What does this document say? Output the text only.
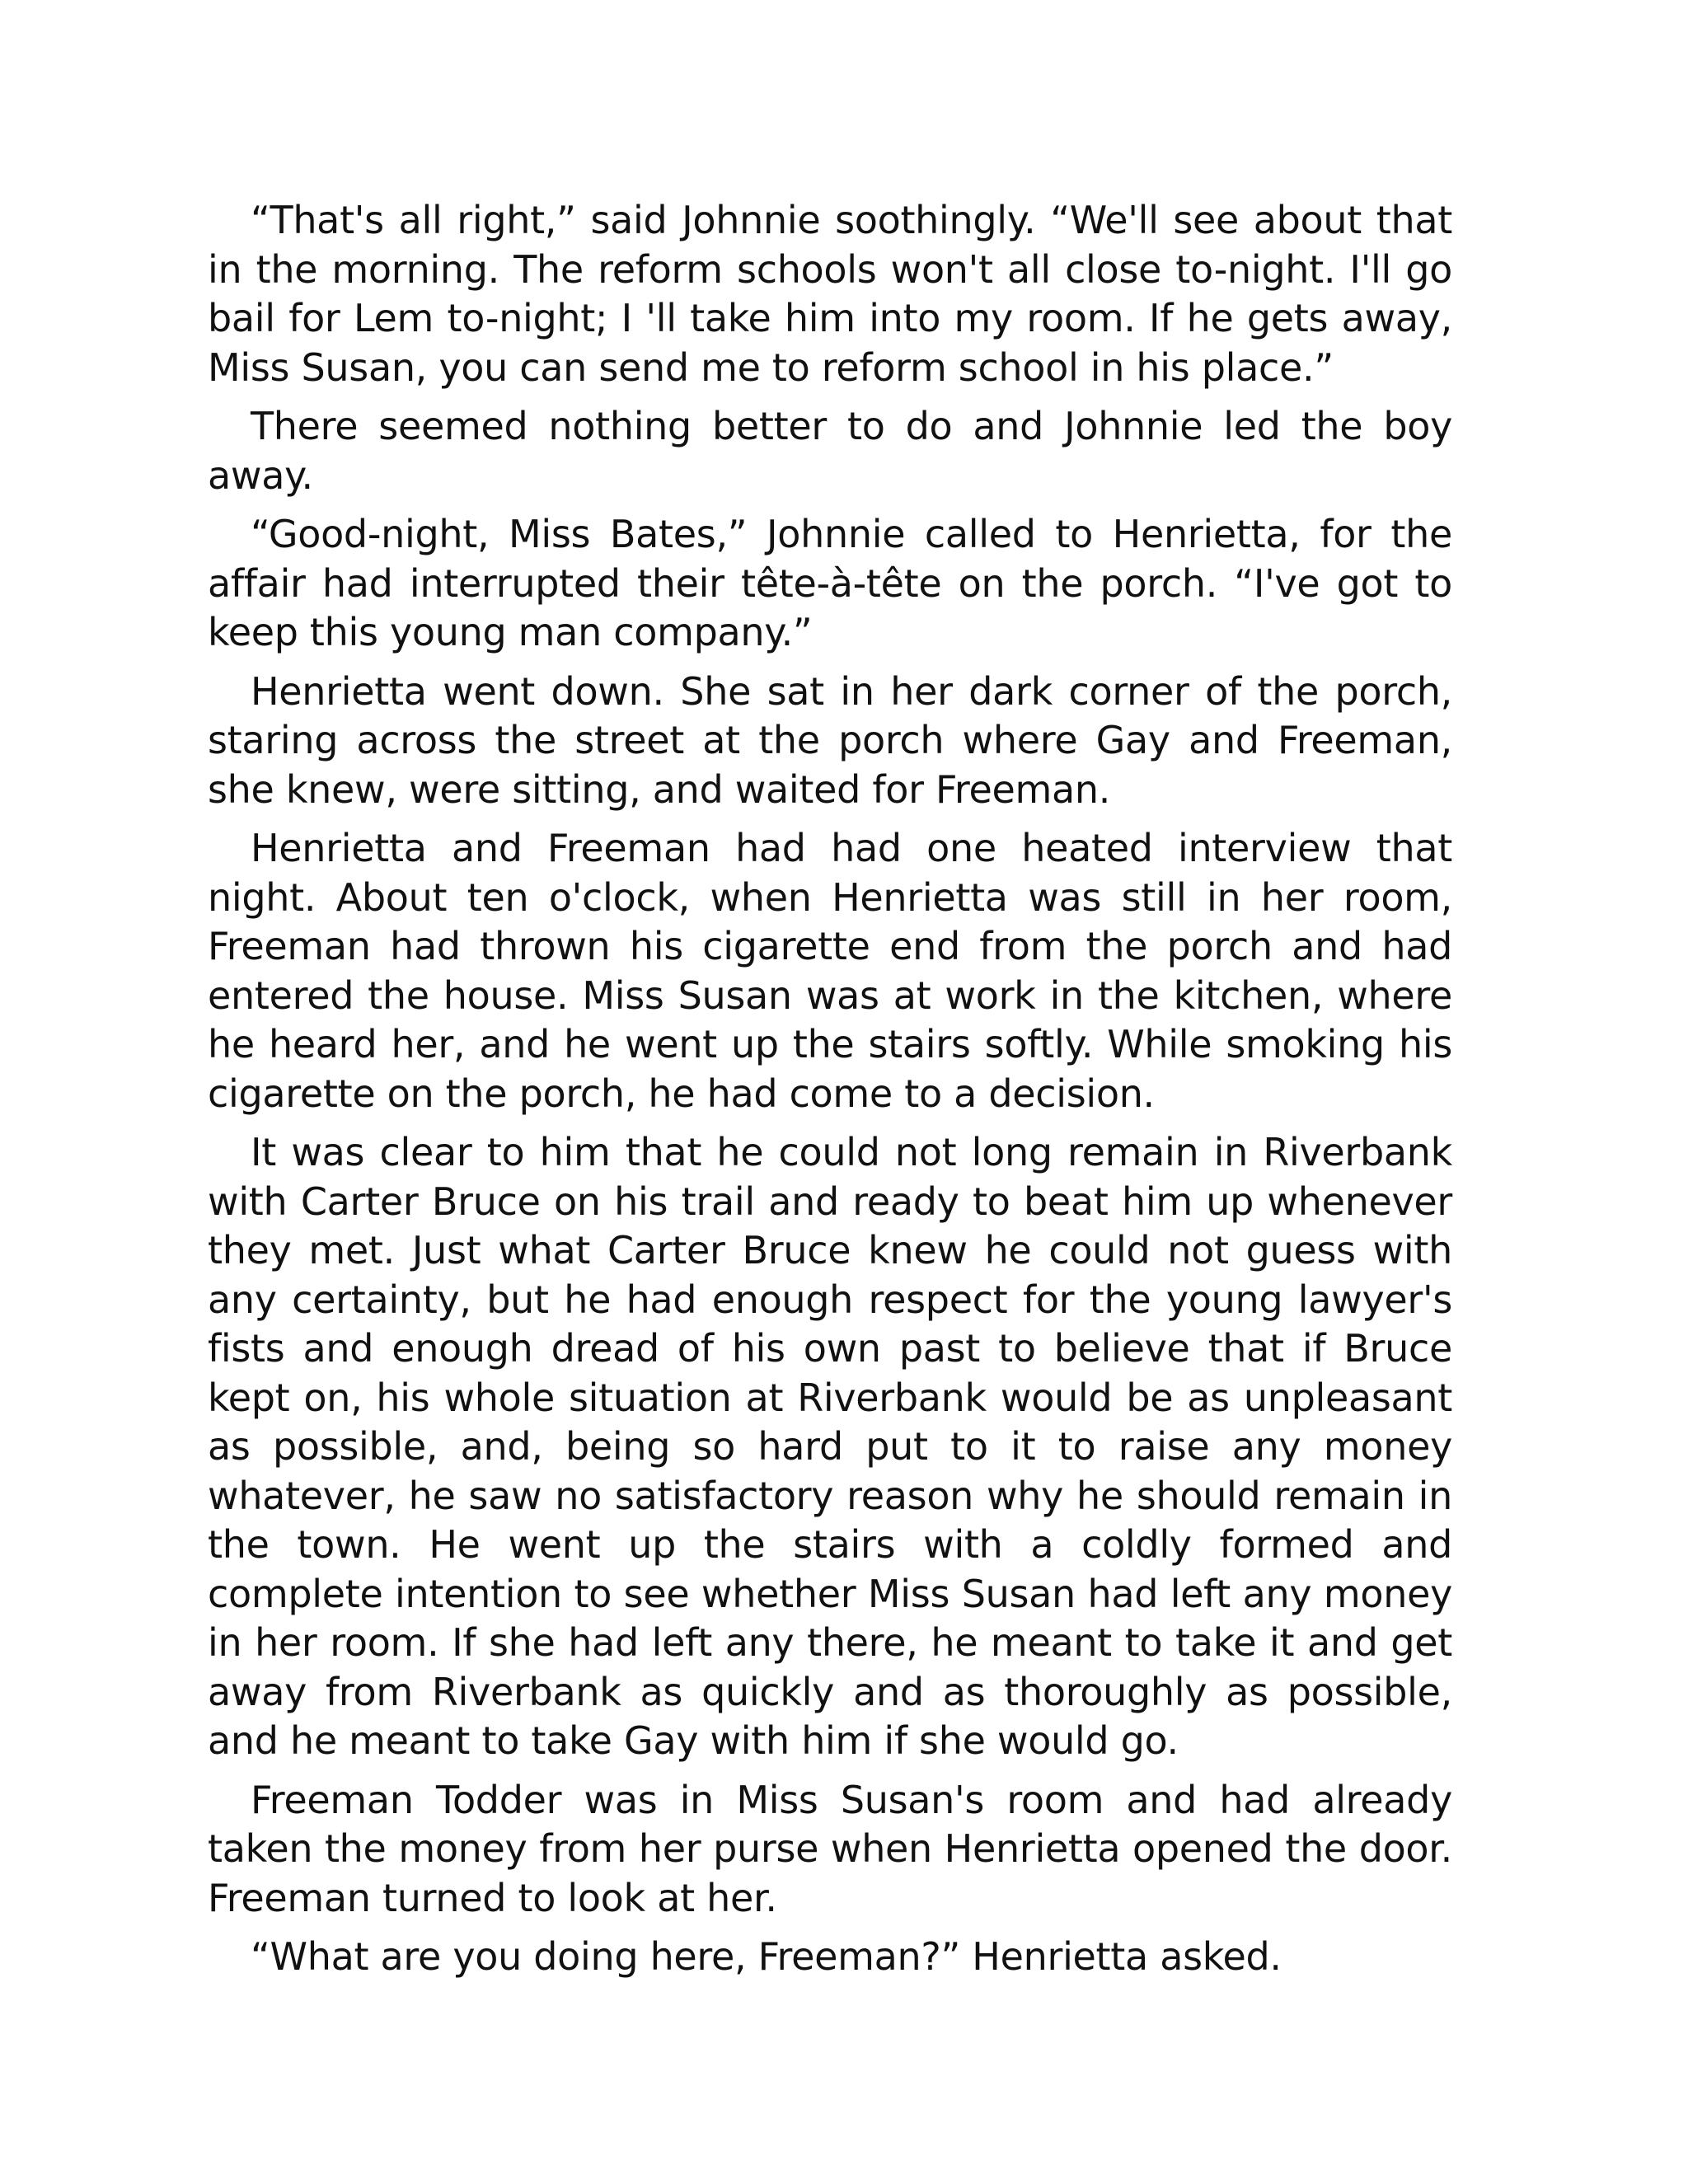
“That's all right,” said Johnnie soothingly. “We'll see about that in the morning. The reform schools won't all close to-night. I'll go bail for Lem to-night; I 'll take him into my room. If he gets away, Miss Susan, you can send me to reform school in his place.”

There seemed nothing better to do and Johnnie led the boy away.

“Good-night, Miss Bates,” Johnnie called to Henrietta, for the affair had interrupted their tête-à-tête on the porch. “I've got to keep this young man company.”

Henrietta went down. She sat in her dark corner of the porch, staring across the street at the porch where Gay and Freeman, she knew, were sitting, and waited for Freeman.

Henrietta and Freeman had had one heated interview that night. About ten o'clock, when Henrietta was still in her room, Freeman had thrown his cigarette end from the porch and had entered the house. Miss Susan was at work in the kitchen, where he heard her, and he went up the stairs softly. While smoking his cigarette on the porch, he had come to a decision.

It was clear to him that he could not long remain in Riverbank with Carter Bruce on his trail and ready to beat him up whenever they met. Just what Carter Bruce knew he could not guess with any certainty, but he had enough respect for the young lawyer's fists and enough dread of his own past to believe that if Bruce kept on, his whole situation at Riverbank would be as unpleasant as possible, and, being so hard put to it to raise any money whatever, he saw no satisfactory reason why he should remain in the town. He went up the stairs with a coldly formed and complete intention to see whether Miss Susan had left any money in her room. If she had left any there, he meant to take it and get away from Riverbank as quickly and as thoroughly as possible, and he meant to take Gay with him if she would go.

Freeman Todder was in Miss Susan's room and had already taken the money from her purse when Henrietta opened the door. Freeman turned to look at her.

“What are you doing here, Freeman?” Henrietta asked.
